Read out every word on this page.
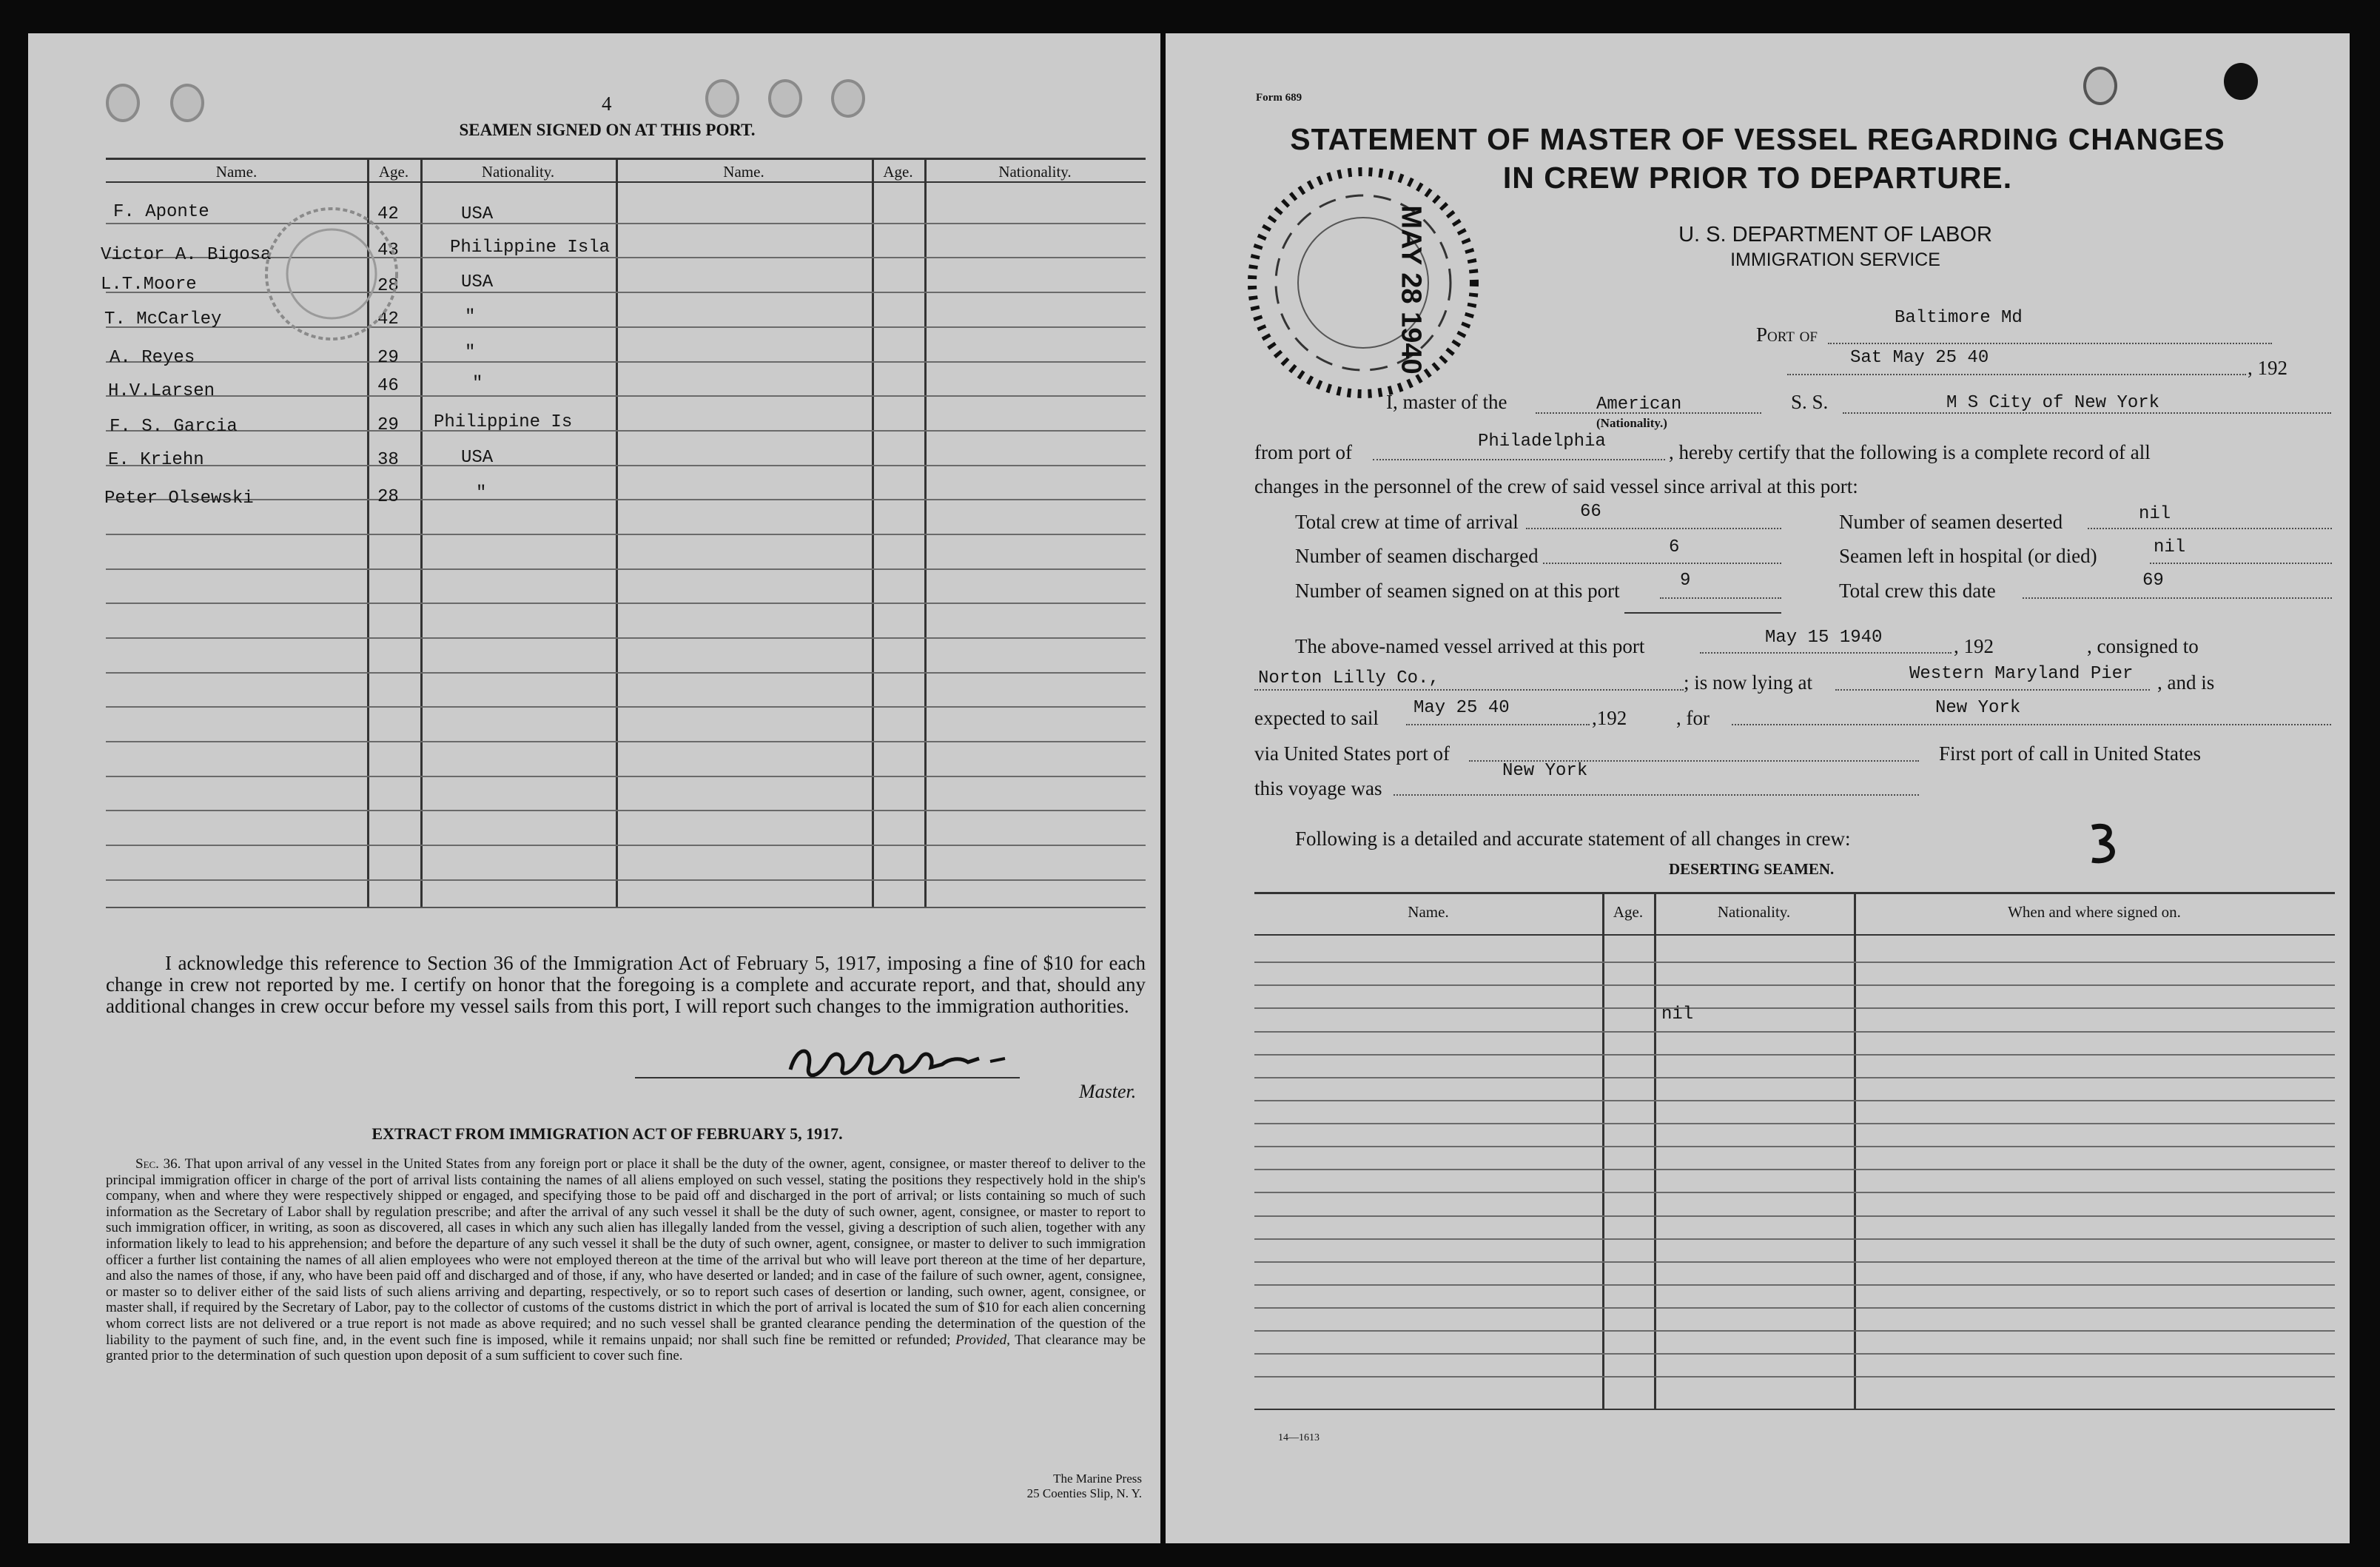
4
SEAMEN SIGNED ON AT THIS PORT.
Name.	Age.	Nationality.	Name.	Age.	Nationality.
F. Aponte	42	USA
Victor A. Bigosa	43	Philippine Isla
L.T.Moore	28	USA
T. McCarley	42	"
A. Reyes	29	"
H.V.Larsen	46	"
F. S. Garcia	29 Philippine Is
E. Kriehn	38	USA
Peter Olsewski	28	"
I acknowledge this reference to Section 36 of the Immigration Act of February 5, 1917, imposing a fine of $10 for each change in crew not reported by me. I certify on honor that the foregoing is a complete and accurate report, and that, should any additional changes in crew occur before my vessel sails from this port, I will report such changes to the immigration authorities.
Master.
EXTRACT FROM IMMIGRATION ACT OF FEBRUARY 5, 1917.
Sec. 36. That upon arrival of any vessel in the United States from any foreign port or place it shall be the duty of the owner, agent, consignee, or master thereof to deliver to the principal immigration officer in charge of the port of arrival lists containing the names of all aliens employed on such vessel, stating the positions they respectively hold in the ship's company, when and where they were respectively shipped or engaged, and specifying those to be paid off and discharged in the port of arrival; or lists containing so much of such information as the Secretary of Labor shall by regulation prescribe; and after the arrival of any such vessel it shall be the duty of such owner, agent, consignee, or master to report to such immigration officer, in writing, as soon as discovered, all cases in which any such alien has illegally landed from the vessel, giving a description of such alien, together with any information likely to lead to his apprehension; and before the departure of any such vessel it shall be the duty of such owner, agent, consignee, or master to deliver to such immigration officer a further list containing the names of all alien employees who were not employed thereon at the time of the arrival but who will leave port thereon at the time of her departure, and also the names of those, if any, who have been paid off and discharged and of those, if any, who have deserted or landed; and in case of the failure of such owner, agent, consignee, or master so to deliver either of the said lists of such aliens arriving and departing, respectively, or so to report such cases of desertion or landing, such owner, agent, consignee, or master shall, if required by the Secretary of Labor, pay to the collector of customs of the customs district in which the port of arrival is located the sum of $10 for each alien concerning whom correct lists are not delivered or a true report is not made as above required; and no such vessel shall be granted clearance pending the determination of the question of the liability to the payment of such fine, and, in the event such fine is imposed, while it remains unpaid; nor shall such fine be remitted or refunded; Provided, That clearance may be granted prior to the determination of such question upon deposit of a sum sufficient to cover such fine.
The Marine Press
25 Coenties Slip, N. Y.
Form 689
STATEMENT OF MASTER OF VESSEL REGARDING CHANGES
IN CREW PRIOR TO DEPARTURE.
U. S. DEPARTMENT OF LABOR
IMMIGRATION SERVICE
MAY 28 1940	Port of
Baltimore Md
Sat May 25 40	, 192
I, master of the	American
(Nationality.)
S. S.	M S City of New York
from port of	Philadelphia	, hereby certify that the following is a complete record of all
changes in the personnel of the crew of said vessel since arrival at this port:
Total crew at time of arrival	66	Number of seamen deserted	nil
Number of seamen discharged	6	Seamen left in hospital (or died)	nil
Number of seamen signed on at this port	9	Total crew this date	69
The above-named vessel arrived at this port	May 15 1940	, 192	, consigned to
Norton Lilly Co.,	; is now lying at	Western Maryland Pier , and is
expected to sail May 25 40	,192 , for	New York
via United States port of	First port of call in United States
this voyage was
New York
Following is a detailed and accurate statement of all changes in crew:
DESERTING SEAMEN.
Name.	Age.	Nationality.	When and where signed on.
nil
14—1613
